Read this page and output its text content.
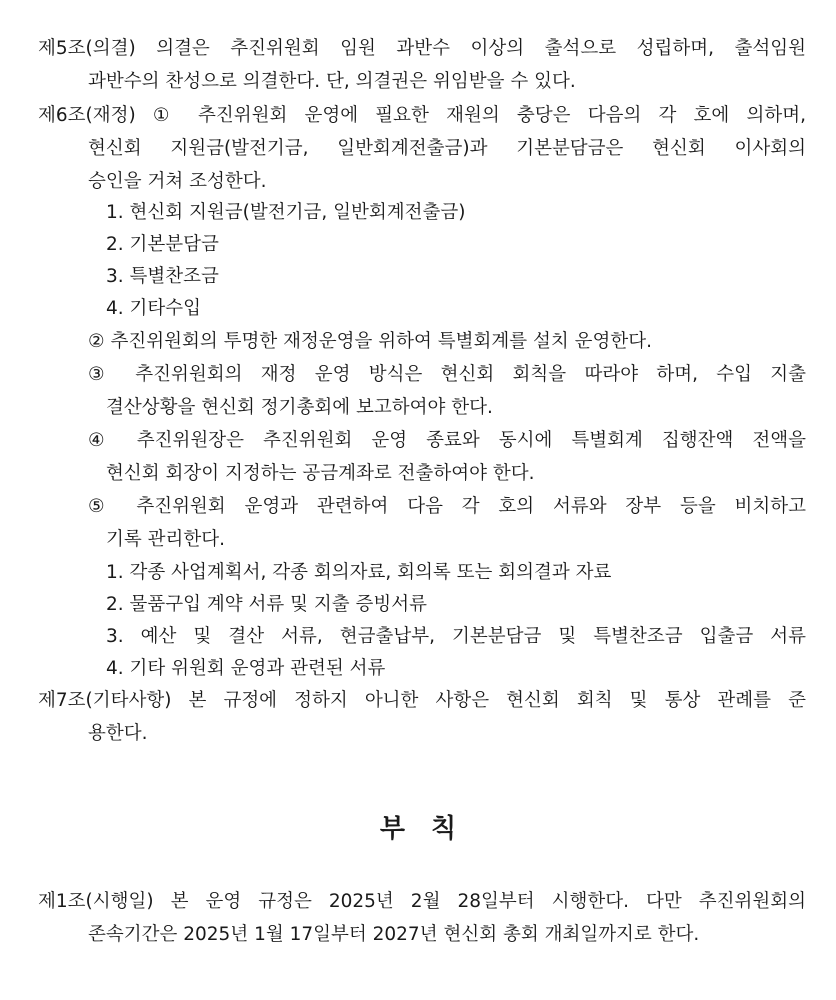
제5조(의결) 의결은 추진위원회 임원 과반수 이상의 출석으로 성립하며, 출석임원
과반수의 찬성으로 의결한다. 단, 의결권은 위임받을 수 있다.
제6조(재정) ① 추진위원회 운영에 필요한 재원의 충당은 다음의 각 호에 의하며,
현신회 지원금(발전기금, 일반회계전출금)과 기본분담금은 현신회 이사회의
승인을 거쳐 조성한다.
1. 현신회 지원금(발전기금, 일반회계전출금)
2. 기본분담금
3. 특별찬조금
4. 기타수입
② 추진위원회의 투명한 재정운영을 위하여 특별회계를 설치 운영한다.
③ 추진위원회의 재정 운영 방식은 현신회 회칙을 따라야 하며, 수입 지출
결산상황을 현신회 정기총회에 보고하여야 한다.
④ 추진위원장은 추진위원회 운영 종료와 동시에 특별회계 집행잔액 전액을
현신회 회장이 지정하는 공금계좌로 전출하여야 한다.
⑤ 추진위원회 운영과 관련하여 다음 각 호의 서류와 장부 등을 비치하고
기록 관리한다.
1. 각종 사업계획서, 각종 회의자료, 회의록 또는 회의결과 자료
2. 물품구입 계약 서류 및 지출 증빙서류
3. 예산 및 결산 서류, 현금출납부, 기본분담금 및 특별찬조금 입출금 서류
4. 기타 위원회 운영과 관련된 서류
제7조(기타사항) 본 규정에 정하지 아니한 사항은 현신회 회칙 및 통상 관례를 준
용한다.
부칙
제1조(시행일) 본 운영 규정은 2025년 2월 28일부터 시행한다. 다만 추진위원회의
존속기간은 2025년 1월 17일부터 2027년 현신회 총회 개최일까지로 한다.
